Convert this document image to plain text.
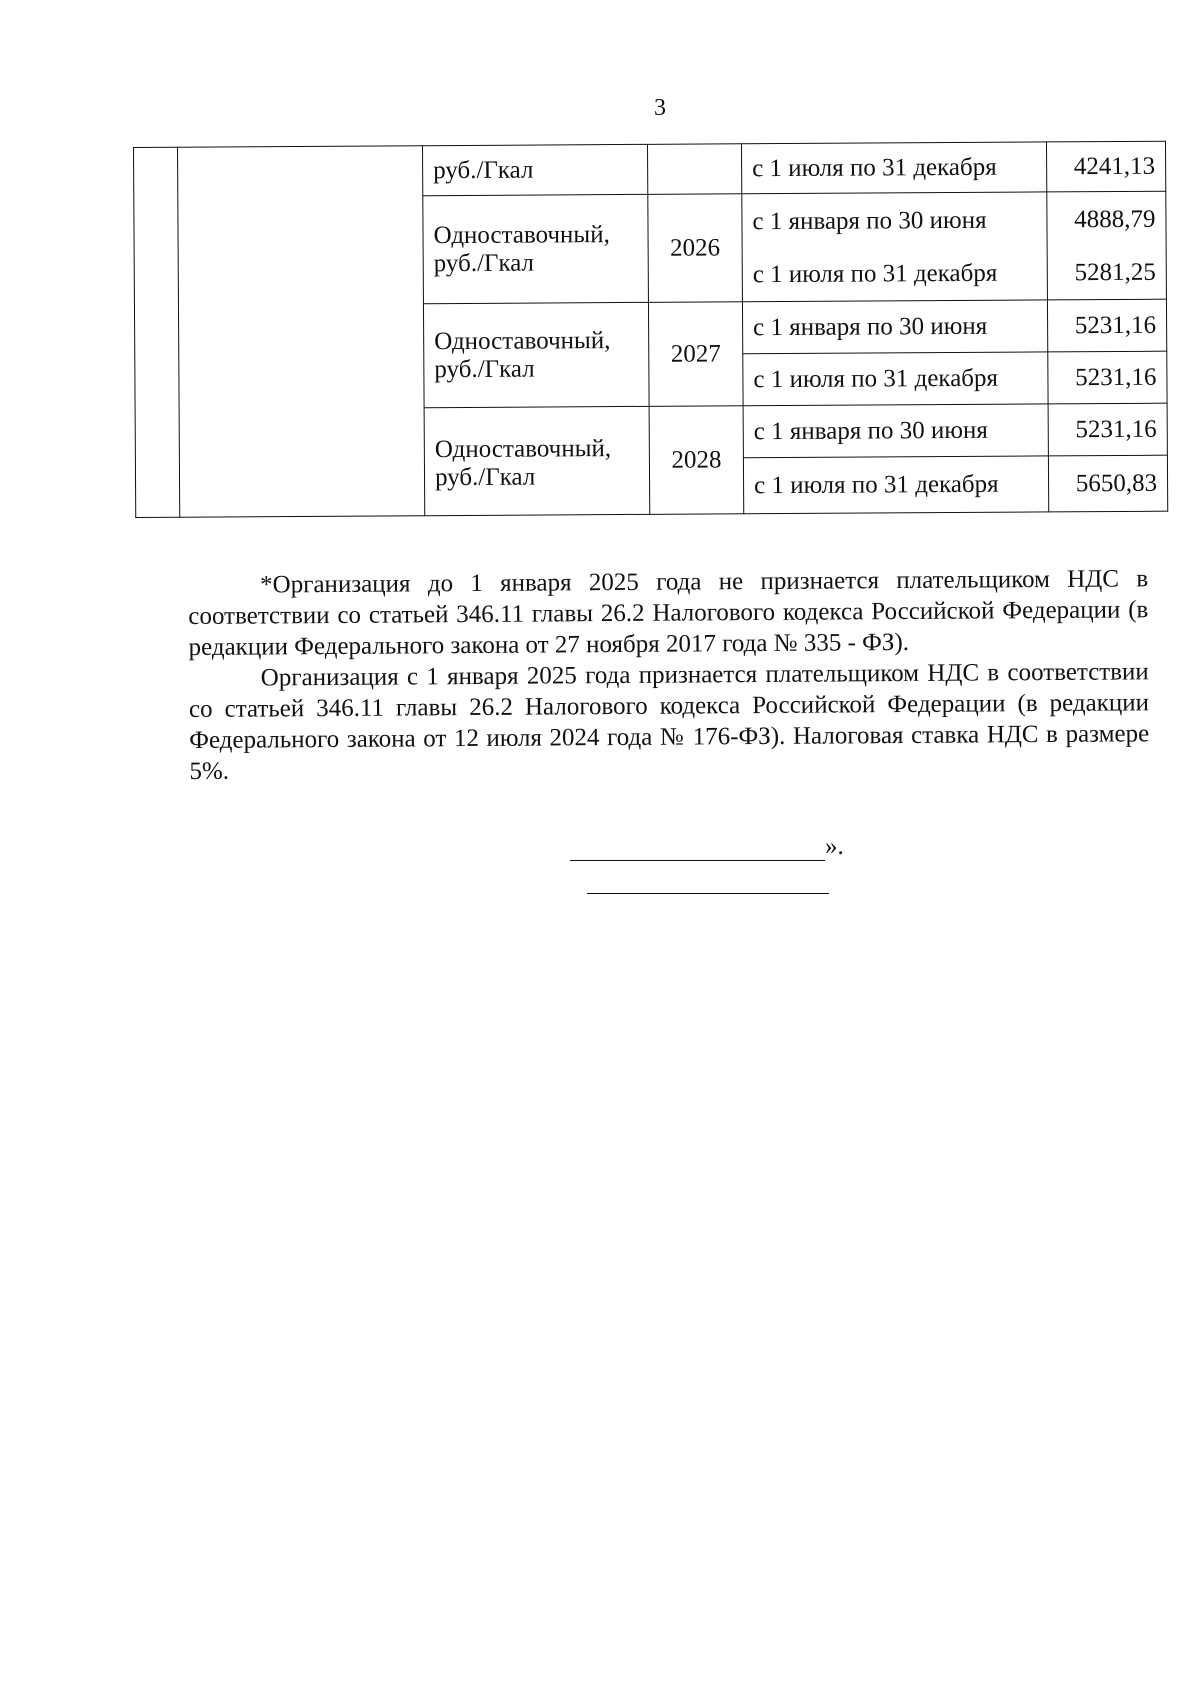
3
		руб./Гкал		с 1 июля по 31 декабря	4241,13
		Одноставочный, руб./Гкал	2026	с 1 января по 30 июня	4888,79
				с 1 июля по 31 декабря	5281,25
		Одноставочный, руб./Гкал	2027	с 1 января по 30 июня	5231,16
				с 1 июля по 31 декабря	5231,16
		Одноставочный, руб./Гкал	2028	с 1 января по 30 июня	5231,16
				с 1 июля по 31 декабря	5650,83

*Организация до 1 января 2025 года не признается плательщиком НДС в соответствии со статьей 346.11 главы 26.2 Налогового кодекса Российской Федерации (в редакции Федерального закона от 27 ноября 2017 года № 335 - ФЗ).

Организация с 1 января 2025 года признается плательщиком НДС в соответствии со статьей 346.11 главы 26.2 Налогового кодекса Российской Федерации (в редакции Федерального закона от 12 июля 2024 года № 176-ФЗ). Налоговая ставка НДС в размере 5%.

».
